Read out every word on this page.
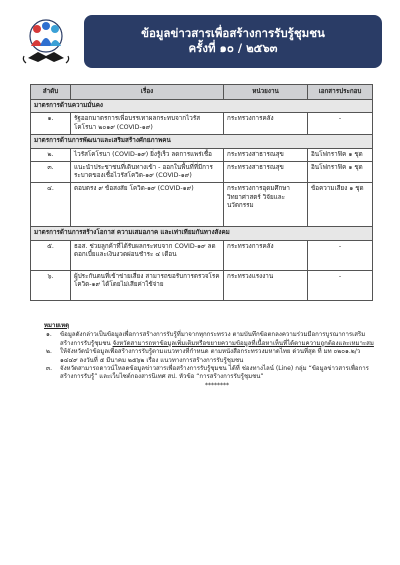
ข้อมูลข่าวสารเพื่อสร้างการรับรู้ชุมชน
ครั้งที่ ๑๐ / ๒๕๖๓
ลำดับ	เรื่อง	หน่วยงาน	เอกสารประกอบ
มาตรการด้านความมั่นคง			
๑.	รัฐออกมาตรการเพื่อบรรเทาผลกระทบจากไวรัสโคโรนา ๒๐๑๙ (COVID-๑๙)	กระทรวงการคลัง	-
มาตรการด้านการพัฒนาและเสริมสร้างศักยภาพคน			
๒.	ไวรัสโคโรนา (COVID-๑๙) ยิ่งรู้เร็ว ลดการแพร่เชื้อ	กระทรวงสาธารณสุข	อินโฟกราฟิค ๑ ชุด
๓.	แนะนำประชาชนที่เดินทางเข้า - ออกในพื้นที่ที่มีการระบาดของเชื้อไวรัสโควิด-๑๙ (COVID-๑๙)	กระทรวงสาธารณสุข	อินโฟกราฟิค ๑ ชุด
๔.	ตอบตรง ๙ ข้อสงสัย โควิด-๑๙ (COVID-๑๙)	กระทรวงการอุดมศึกษา วิทยาศาสตร์ วิจัยและนวัตกรรม	ข้อความเสียง ๑ ชุด
มาตรการด้านการสร้างโอกาส ความเสมอภาค และเท่าเทียมกันทางสังคม			
๕.	ธอส. ช่วยลูกค้าที่ได้รับผลกระทบจาก COVID-๑๙ ลดดอกเบี้ยและเงินงวดผ่อนชำระ ๔ เดือน	กระทรวงการคลัง	-
๖.	ผู้ประกันตนที่เข้าข่ายเสี่ยง สามารถขอรับการตรวจโรคโควิด-๑๙ ได้โดยไม่เสียค่าใช้จ่าย	กระทรวงแรงงาน	-
หมายเหตุ
๑.	ข้อมูลดังกล่าวเป็นข้อมูลเพื่อการสร้างการรับรู้ที่มาจากทุกกระทรวง ตามบันทึกข้อตกลงความร่วมมือการบูรณาการเสริมสร้างการรับรู้ชุมชน จังหวัดสามารถหาข้อมูลเพิ่มเติมหรือขยายความข้อมูลที่เนื้อหาเห็นที่ได้ตามความถูกต้องและเหมาะสม
๒.	ให้จังหวัดนำข้อมูลเพื่อสร้างการรับรู้ตามแนวทางที่กำหนด ตามหนังสือกระทรวงมหาดไทย ด่วนที่สุด ที่ มท ๐๒๐๑.๒/ว ๑๔๔๙ ลงวันที่ ๕ มีนาคม ๒๕๖๒ เรื่อง แนวทางการสร้างการรับรู้ชุมชน
๓.	จังหวัดสามารถดาวน์โหลดข้อมูลข่าวสารเพื่อสร้างการรับรู้ชุมชน ได้ที่ ช่องทางไลน์ (Line) กลุ่ม “ข้อมูลข่าวสารเพื่อการสร้างการรับรู้” และเว็บไซต์กองสารนิเทศ สป. หัวข้อ “การสร้างการรับรู้ชุมชน”
********
